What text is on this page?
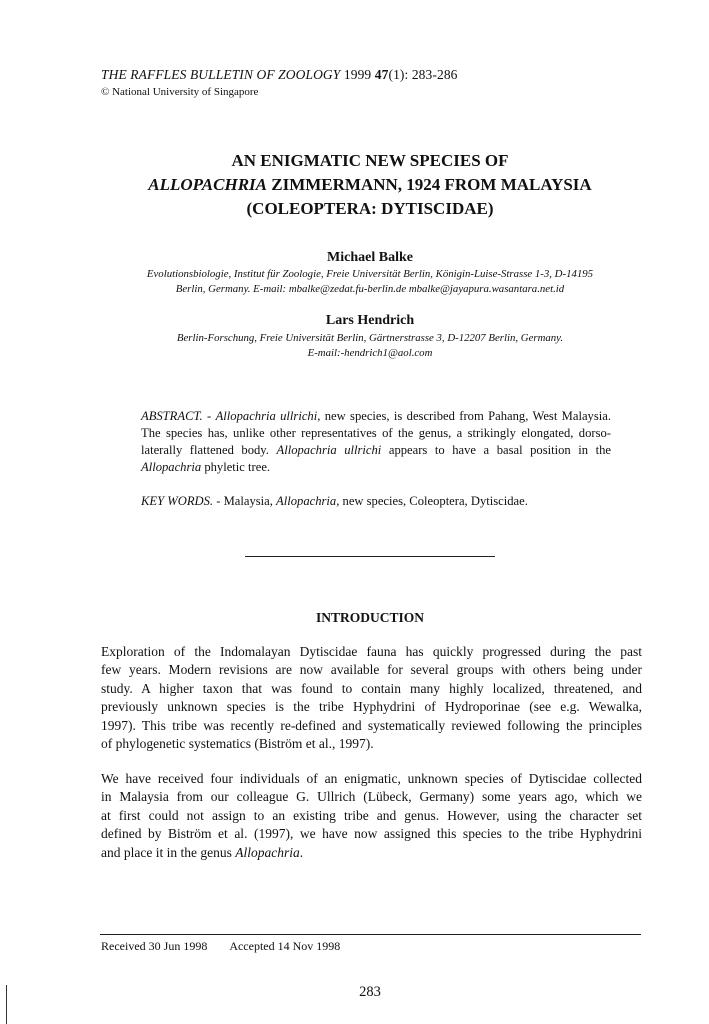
THE RAFFLES BULLETIN OF ZOOLOGY 1999 47(1): 283-286
© National University of Singapore
AN ENIGMATIC NEW SPECIES OF
ALLOPACHRIA ZIMMERMANN, 1924 FROM MALAYSIA
(COLEOPTERA: DYTISCIDAE)
Michael Balke
Evolutionsbiologie, Institut für Zoologie, Freie Universität Berlin, Königin-Luise-Strasse 1-3, D-14195
Berlin, Germany. E-mail: mbalke@zedat.fu-berlin.de mbalke@jayapura.wasantara.net.id
Lars Hendrich
Berlin-Forschung, Freie Universität Berlin, Gärtnerstrasse 3, D-12207 Berlin, Germany.
E-mail:-hendrich1@aol.com
ABSTRACT. - Allopachria ullrichi, new species, is described from Pahang, West Malaysia. The species has, unlike other representatives of the genus, a strikingly elongated, dorso-laterally flattened body. Allopachria ullrichi appears to have a basal position in the Allopachria phyletic tree.
KEY WORDS. - Malaysia, Allopachria, new species, Coleoptera, Dytiscidae.
INTRODUCTION
Exploration of the Indomalayan Dytiscidae fauna has quickly progressed during the past
few years. Modern revisions are now available for several groups with others being under
study. A higher taxon that was found to contain many highly localized, threatened, and
previously unknown species is the tribe Hyphydrini of Hydroporinae (see e.g. Wewalka,
1997). This tribe was recently re-defined and systematically reviewed following the principles
of phylogenetic systematics (Biström et al., 1997).
We have received four individuals of an enigmatic, unknown species of Dytiscidae collected
in Malaysia from our colleague G. Ullrich (Lübeck, Germany) some years ago, which we
at first could not assign to an existing tribe and genus. However, using the character set
defined by Biström et al. (1997), we have now assigned this species to the tribe Hyphydrini
and place it in the genus Allopachria.
Received 30 Jun 1998 Accepted 14 Nov 1998
283
